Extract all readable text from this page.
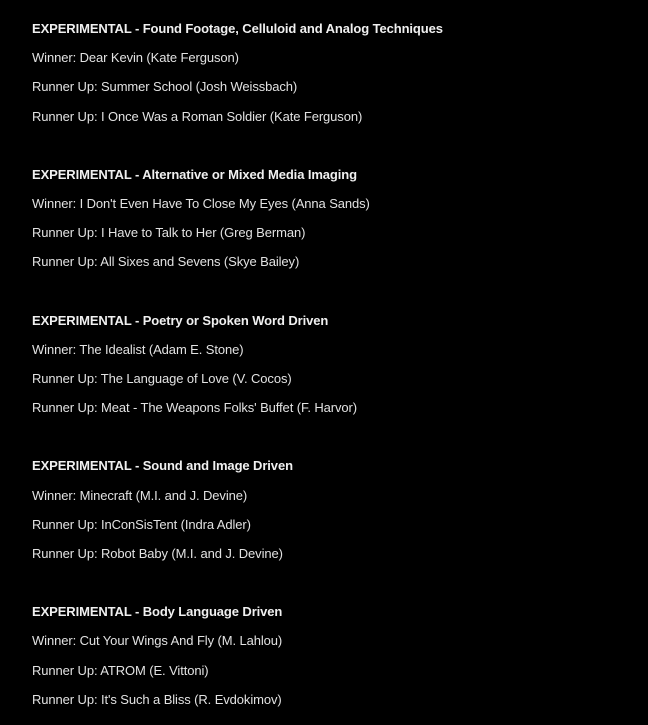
EXPERIMENTAL - Found Footage, Celluloid and Analog Techniques
Winner: Dear Kevin (Kate Ferguson)
Runner Up: Summer School (Josh Weissbach)
Runner Up: I Once Was a Roman Soldier (Kate Ferguson)
EXPERIMENTAL - Alternative or Mixed Media Imaging
Winner: I Don't Even Have To Close My Eyes (Anna Sands)
Runner Up: I Have to Talk to Her (Greg Berman)
Runner Up: All Sixes and Sevens (Skye Bailey)
EXPERIMENTAL - Poetry or Spoken Word Driven
Winner: The Idealist (Adam E. Stone)
Runner Up: The Language of Love (V. Cocos)
Runner Up: Meat - The Weapons Folks' Buffet (F. Harvor)
EXPERIMENTAL - Sound and Image Driven
Winner: Minecraft (M.I. and J. Devine)
Runner Up: InConSisTent (Indra Adler)
Runner Up: Robot Baby (M.I. and J. Devine)
EXPERIMENTAL - Body Language Driven
Winner: Cut Your Wings And Fly (M. Lahlou)
Runner Up: ATROM (E. Vittoni)
Runner Up: It's Such a Bliss (R. Evdokimov)
